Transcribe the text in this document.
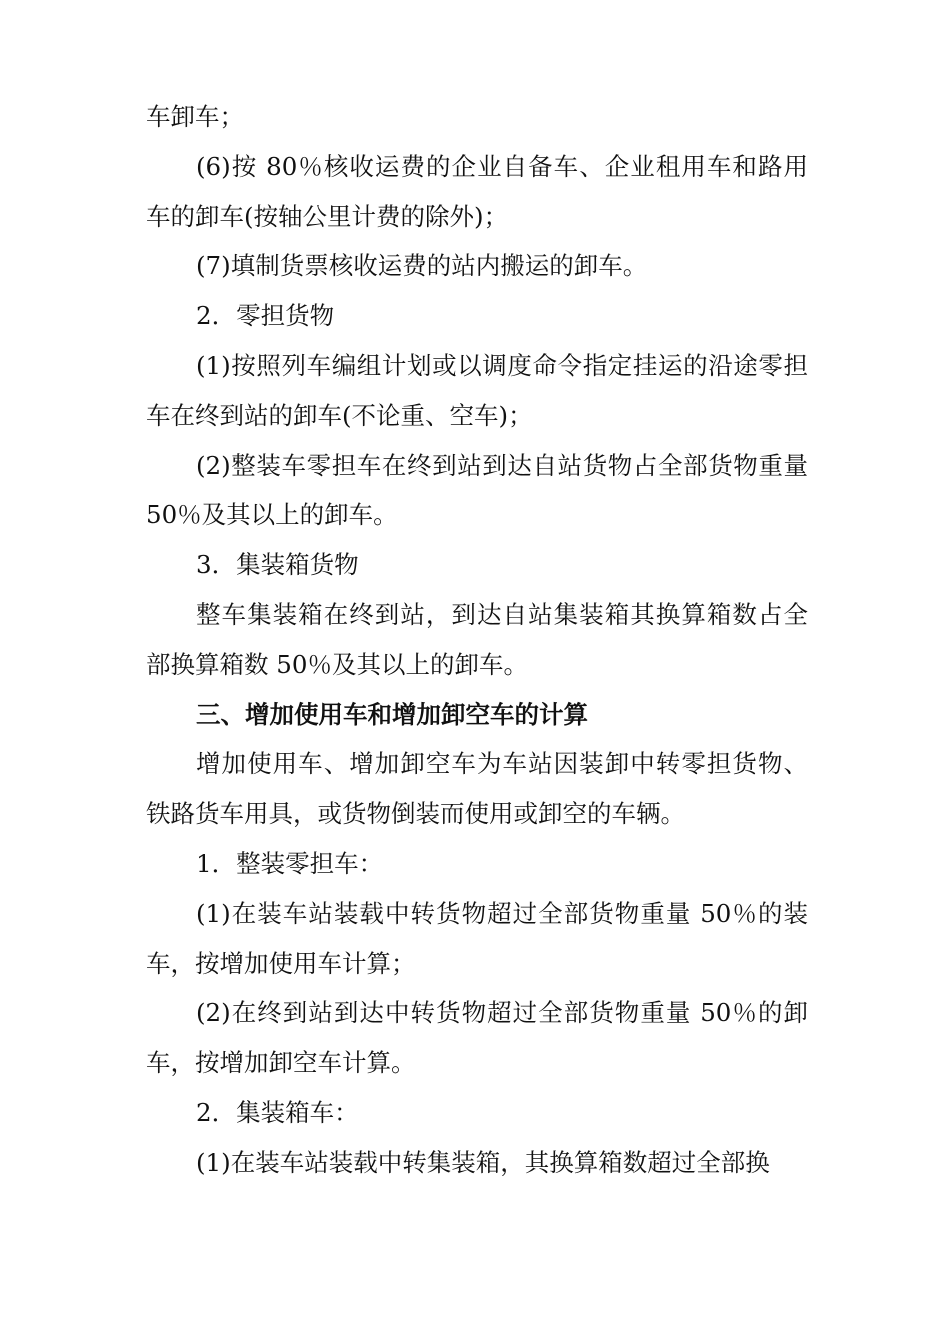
车卸车；

(6)按 80％核收运费的企业自备车、企业租用车和路用车的卸车(按轴公里计费的除外)；

(7)填制货票核收运费的站内搬运的卸车。

2．零担货物

(1)按照列车编组计划或以调度命令指定挂运的沿途零担车在终到站的卸车(不论重、空车)；

(2)整装车零担车在终到站到达自站货物占全部货物重量 50％及其以上的卸车。

3．集装箱货物

整车集装箱在终到站，到达自站集装箱其换算箱数占全部换算箱数 50％及其以上的卸车。

三、增加使用车和增加卸空车的计算

增加使用车、增加卸空车为车站因装卸中转零担货物、铁路货车用具，或货物倒装而使用或卸空的车辆。

1．整装零担车：

(1)在装车站装载中转货物超过全部货物重量 50％的装车，按增加使用车计算；

(2)在终到站到达中转货物超过全部货物重量 50％的卸车，按增加卸空车计算。

2．集装箱车：

(1)在装车站装载中转集装箱，其换算箱数超过全部换
